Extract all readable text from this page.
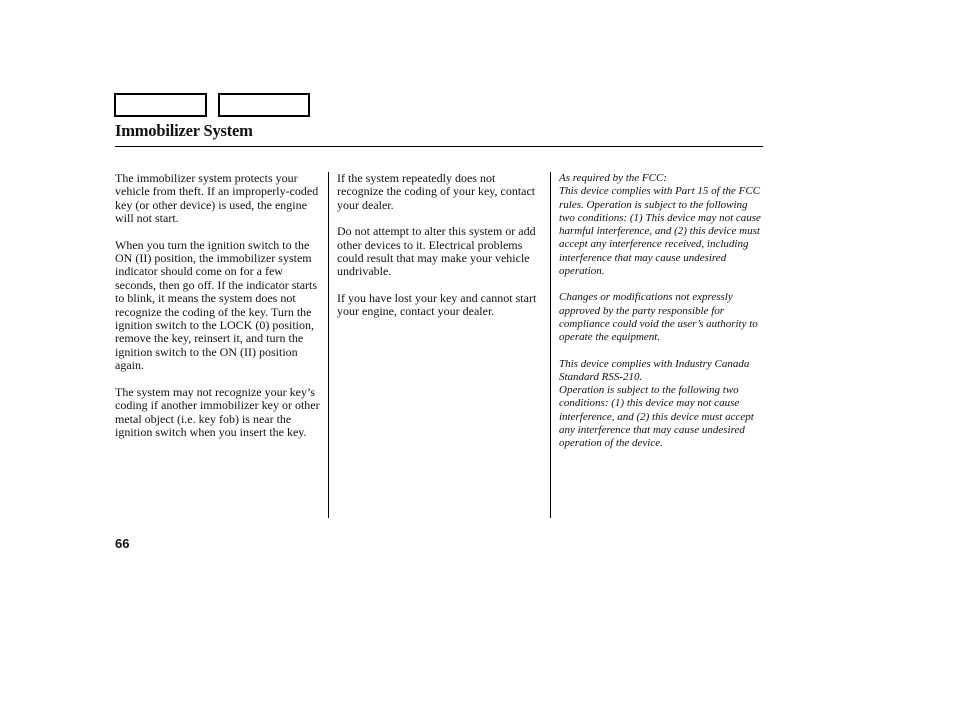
Immobilizer System

The immobilizer system protects your vehicle from theft. If an improperly-coded key (or other device) is used, the engine will not start.

When you turn the ignition switch to the ON (II) position, the immobilizer system indicator should come on for a few seconds, then go off. If the indicator starts to blink, it means the system does not recognize the coding of the key. Turn the ignition switch to the LOCK (0) position, remove the key, reinsert it, and turn the ignition switch to the ON (II) position again.

The system may not recognize your key’s coding if another immobilizer key or other metal object (i.e. key fob) is near the ignition switch when you insert the key.

If the system repeatedly does not recognize the coding of your key, contact your dealer.

Do not attempt to alter this system or add other devices to it. Electrical problems could result that may make your vehicle undrivable.

If you have lost your key and cannot start your engine, contact your dealer.

As required by the FCC:
This device complies with Part 15 of the FCC rules. Operation is subject to the following two conditions: (1) This device may not cause harmful interference, and (2) this device must accept any interference received, including interference that may cause undesired operation.

Changes or modifications not expressly approved by the party responsible for compliance could void the user’s authority to operate the equipment.

This device complies with Industry Canada Standard RSS-210.
Operation is subject to the following two conditions: (1) this device may not cause interference, and (2) this device must accept any interference that may cause undesired operation of the device.

66
